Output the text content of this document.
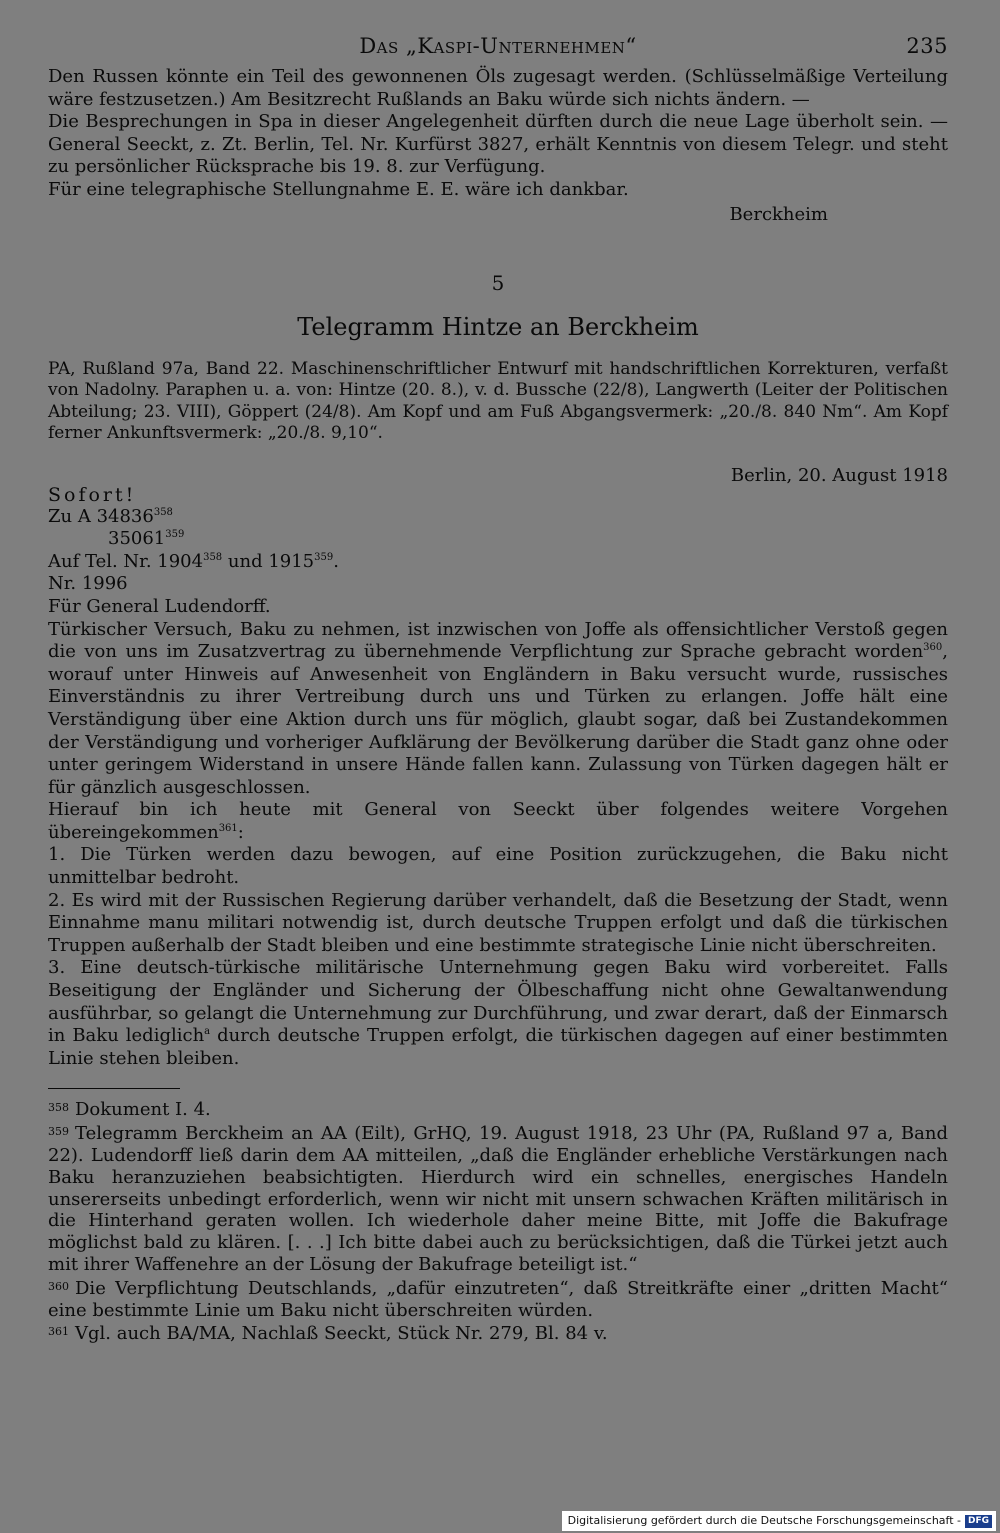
Das „Kaspi-Unternehmen“	235

Den Russen könnte ein Teil des gewonnenen Öls zugesagt werden. (Schlüsselmäßige Verteilung wäre festzusetzen.) Am Besitzrecht Rußlands an Baku würde sich nichts ändern. —

Die Besprechungen in Spa in dieser Angelegenheit dürften durch die neue Lage überholt sein. — General Seeckt, z. Zt. Berlin, Tel. Nr. Kurfürst 3827, erhält Kenntnis von diesem Telegr. und steht zu persönlicher Rücksprache bis 19. 8. zur Verfügung.

Für eine telegraphische Stellungnahme E. E. wäre ich dankbar.

Berckheim
5
Telegramm Hintze an Berckheim

PA, Rußland 97a, Band 22. Maschinenschriftlicher Entwurf mit handschriftlichen Korrekturen, verfaßt von Nadolny. Paraphen u. a. von: Hintze (20. 8.), v. d. Bussche (22/8), Langwerth (Leiter der Politischen Abteilung; 23. VIII), Göppert (24/8). Am Kopf und am Fuß Abgangsvermerk: „20./8. 840 Nm“. Am Kopf ferner Ankunftsvermerk: „20./8. 9,10“.

Berlin, 20. August 1918
Sofort!
Zu A 34836$^{358}$
35061$^{359}$
Auf Tel. Nr. 1904$^{358}$ und 1915$^{359}$.
Nr. 1996
Für General Ludendorff.

Türkischer Versuch, Baku zu nehmen, ist inzwischen von Joffe als offensichtlicher Verstoß gegen die von uns im Zusatzvertrag zu übernehmende Verpflichtung zur Sprache gebracht worden$^{360}$, worauf unter Hinweis auf Anwesenheit von Engländern in Baku versucht wurde, russisches Einverständnis zu ihrer Vertreibung durch uns und Türken zu erlangen. Joffe hält eine Verständigung über eine Aktion durch uns für möglich, glaubt sogar, daß bei Zustandekommen der Verständigung und vorheriger Aufklärung der Bevölkerung darüber die Stadt ganz ohne oder unter geringem Widerstand in unsere Hände fallen kann. Zulassung von Türken dagegen hält er für gänzlich ausgeschlossen.

Hierauf bin ich heute mit General von Seeckt über folgendes weitere Vorgehen übereingekommen$^{361}$:

1. Die Türken werden dazu bewogen, auf eine Position zurückzugehen, die Baku nicht unmittelbar bedroht.

2. Es wird mit der Russischen Regierung darüber verhandelt, daß die Besetzung der Stadt, wenn Einnahme manu militari notwendig ist, durch deutsche Truppen erfolgt und daß die türkischen Truppen außerhalb der Stadt bleiben und eine bestimmte strategische Linie nicht überschreiten.

3. Eine deutsch-türkische militärische Unternehmung gegen Baku wird vorbereitet. Falls Beseitigung der Engländer und Sicherung der Ölbeschaffung nicht ohne Gewaltanwendung ausführbar, so gelangt die Unternehmung zur Durchführung, und zwar derart, daß der Einmarsch in Baku lediglich$^a$ durch deutsche Truppen erfolgt, die türkischen dagegen auf einer bestimmten Linie stehen bleiben.

$^{358}$ Dokument I. 4.

$^{359}$ Telegramm Berckheim an AA (Eilt), GrHQ, 19. August 1918, 23 Uhr (PA, Rußland 97 a, Band 22). Ludendorff ließ darin dem AA mitteilen, „daß die Engländer erhebliche Verstärkungen nach Baku heranzuziehen beabsichtigten. Hierdurch wird ein schnelles, energisches Handeln unsererseits unbedingt erforderlich, wenn wir nicht mit unsern schwachen Kräften militärisch in die Hinterhand geraten wollen. Ich wiederhole daher meine Bitte, mit Joffe die Bakufrage möglichst bald zu klären. [. . .] Ich bitte dabei auch zu berücksichtigen, daß die Türkei jetzt auch mit ihrer Waffenehre an der Lösung der Bakufrage beteiligt ist.“

$^{360}$ Die Verpflichtung Deutschlands, „dafür einzutreten“, daß Streitkräfte einer „dritten Macht“ eine bestimmte Linie um Baku nicht überschreiten würden.

$^{361}$ Vgl. auch BA/MA, Nachlaß Seeckt, Stück Nr. 279, Bl. 84 v.

Digitalisierung gefördert durch die Deutsche Forschungsgemeinschaft - DFG
